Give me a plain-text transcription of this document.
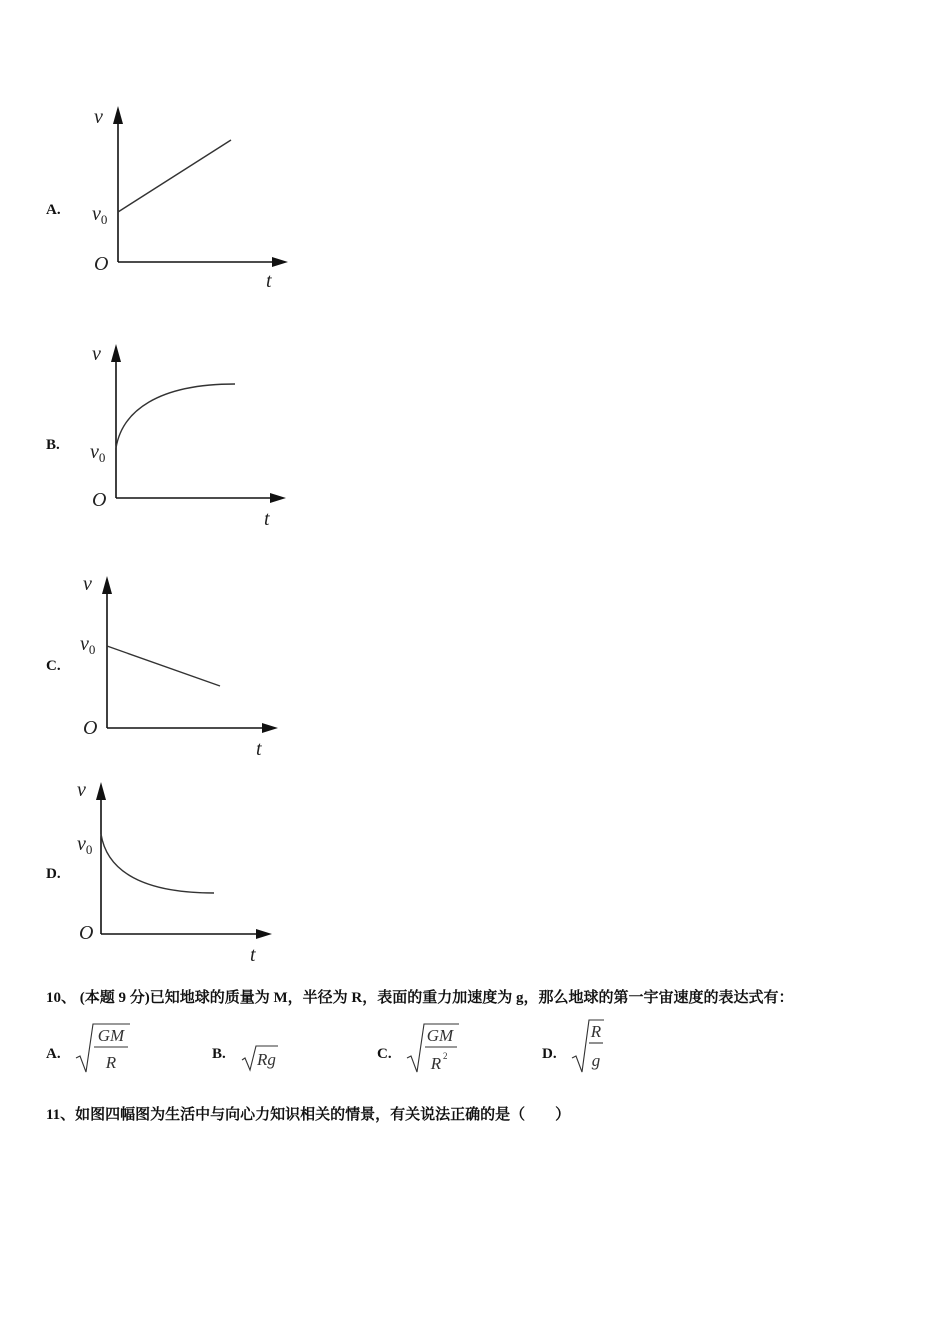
A.
v
$v_0$
O
t
B.
v
$v_0$
O
t
C.
v
$v_0$
O
t
D.
v
$v_0$
O
t
10、 (本题 9 分)已知地球的质量为 M，半径为 R，表面的重力加速度为 g，那么地球的第一宇宙速度的表达式有：
A.
GM
R	B. Rg	C.
GM
R 2	D.
R
g
11、如图四幅图为生活中与向心力知识相关的情景，有关说法正确的是（　　）
